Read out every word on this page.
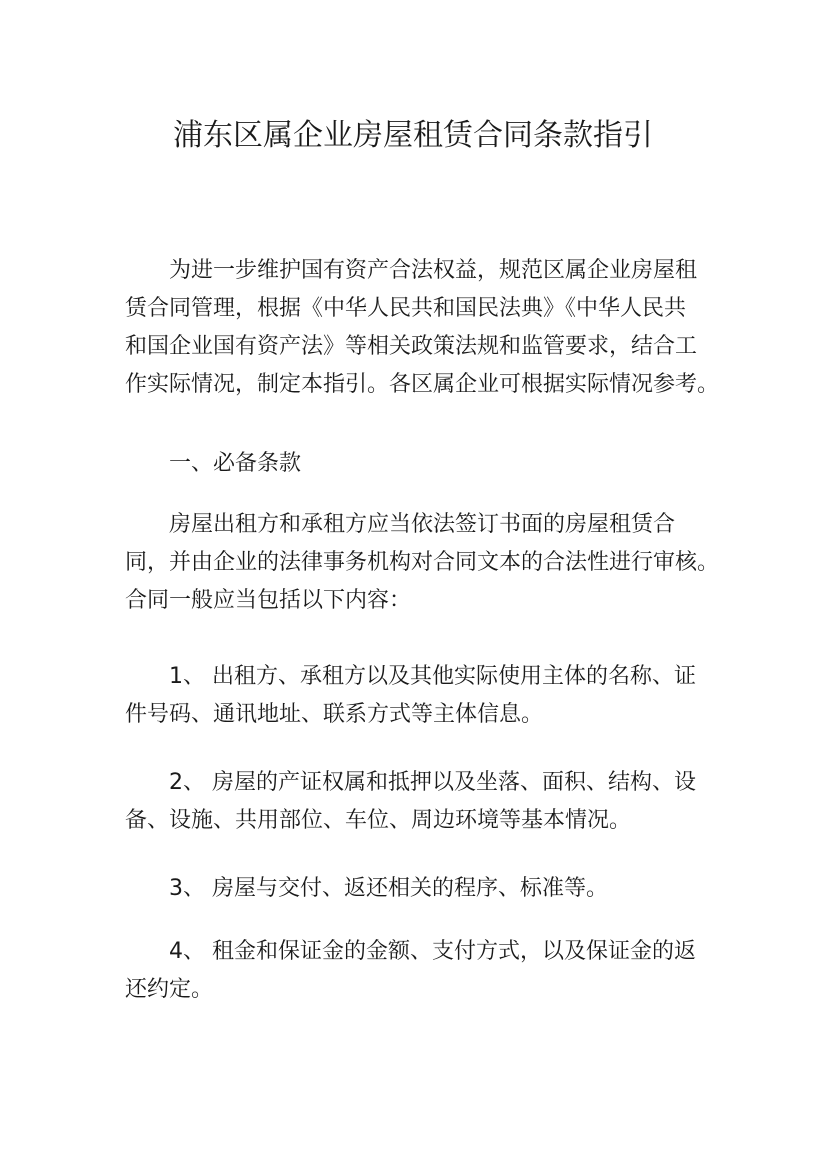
浦东区属企业房屋租赁合同条款指引
为进一步维护国有资产合法权益，规范区属企业房屋租
赁合同管理，根据《中华人民共和国民法典》《中华人民共
和国企业国有资产法》等相关政策法规和监管要求，结合工
作实际情况，制定本指引。各区属企业可根据实际情况参考。
一、必备条款
房屋出租方和承租方应当依法签订书面的房屋租赁合
同，并由企业的法律事务机构对合同文本的合法性进行审核。
合同一般应当包括以下内容：
1、 出租方、承租方以及其他实际使用主体的名称、证
件号码、通讯地址、联系方式等主体信息。
2、 房屋的产证权属和抵押以及坐落、面积、结构、设
备、设施、共用部位、车位、周边环境等基本情况。
3、 房屋与交付、返还相关的程序、标准等。
4、 租金和保证金的金额、支付方式，以及保证金的返
还约定。
